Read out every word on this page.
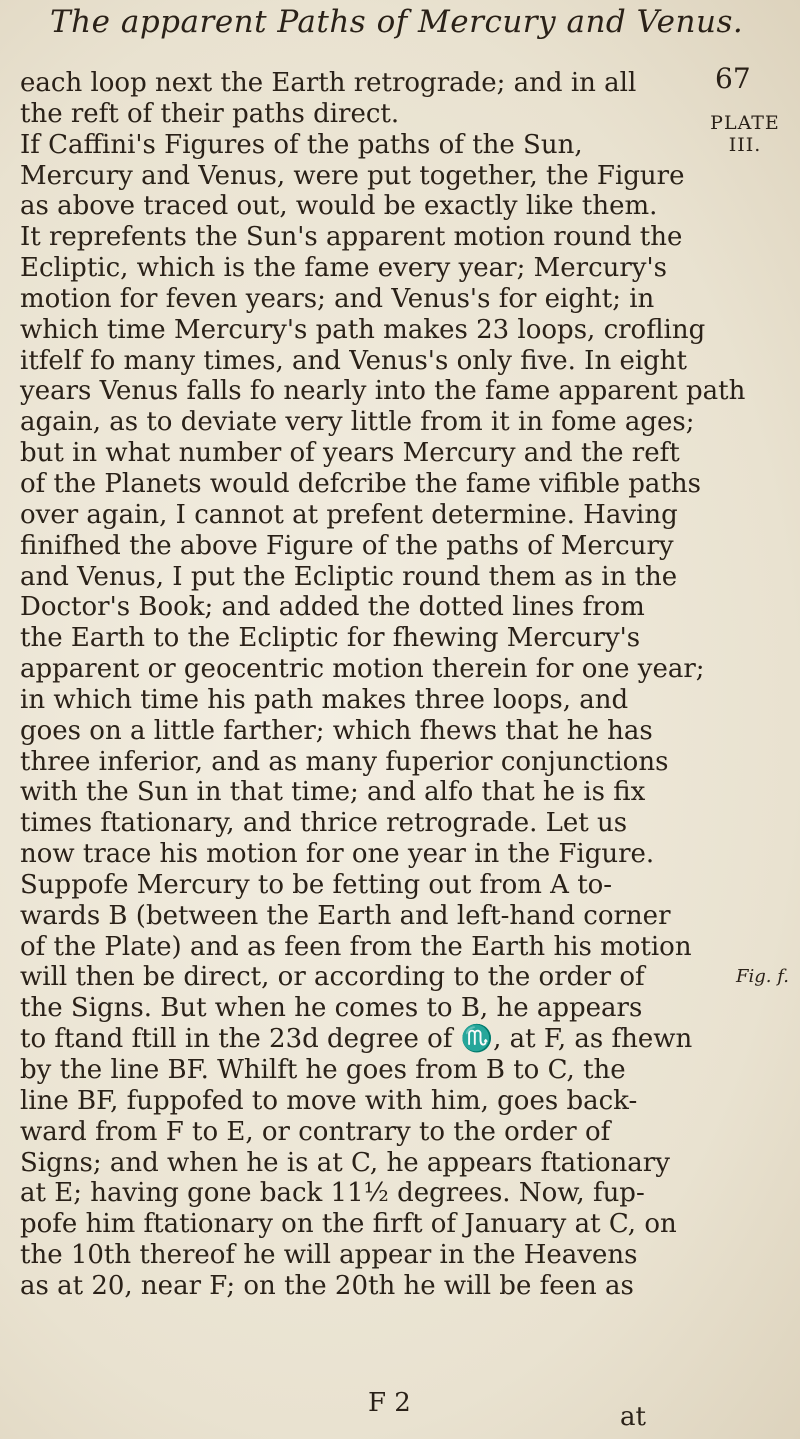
The apparent Paths of Mercury and Venus.
67
PLATE
III.
Fig. f.
each loop next the Earth retrograde; and in all
the reft of their paths direct.
If Caffini's Figures of the paths of the Sun,
Mercury and Venus, were put together, the Figure
as above traced out, would be exactly like them.
It reprefents the Sun's apparent motion round the
Ecliptic, which is the fame every year; Mercury's
motion for feven years; and Venus's for eight; in
which time Mercury's path makes 23 loops, crofling
itfelf fo many times, and Venus's only five. In eight
years Venus falls fo nearly into the fame apparent path
again, as to deviate very little from it in fome ages;
but in what number of years Mercury and the reft
of the Planets would defcribe the fame vifible paths
over again, I cannot at prefent determine. Having
finifhed the above Figure of the paths of Mercury
and Venus, I put the Ecliptic round them as in the
Doctor's Book; and added the dotted lines from
the Earth to the Ecliptic for fhewing Mercury's
apparent or geocentric motion therein for one year;
in which time his path makes three loops, and
goes on a little farther; which fhews that he has
three inferior, and as many fuperior conjunctions
with the Sun in that time; and alfo that he is fix
times ftationary, and thrice retrograde. Let us
now trace his motion for one year in the Figure.
Suppofe Mercury to be fetting out from A to-
wards B (between the Earth and left-hand corner
of the Plate) and as feen from the Earth his motion
will then be direct, or according to the order of
the Signs. But when he comes to B, he appears
to ftand ftill in the 23d degree of ♏, at F, as fhewn
by the line BF. Whilft he goes from B to C, the
line BF, fuppofed to move with him, goes back-
ward from F to E, or contrary to the order of
Signs; and when he is at C, he appears ftationary
at E; having gone back 11½ degrees. Now, fup-
pofe him ftationary on the firft of January at C, on
the 10th thereof he will appear in the Heavens
as at 20, near F; on the 20th he will be feen as
F 2	at
